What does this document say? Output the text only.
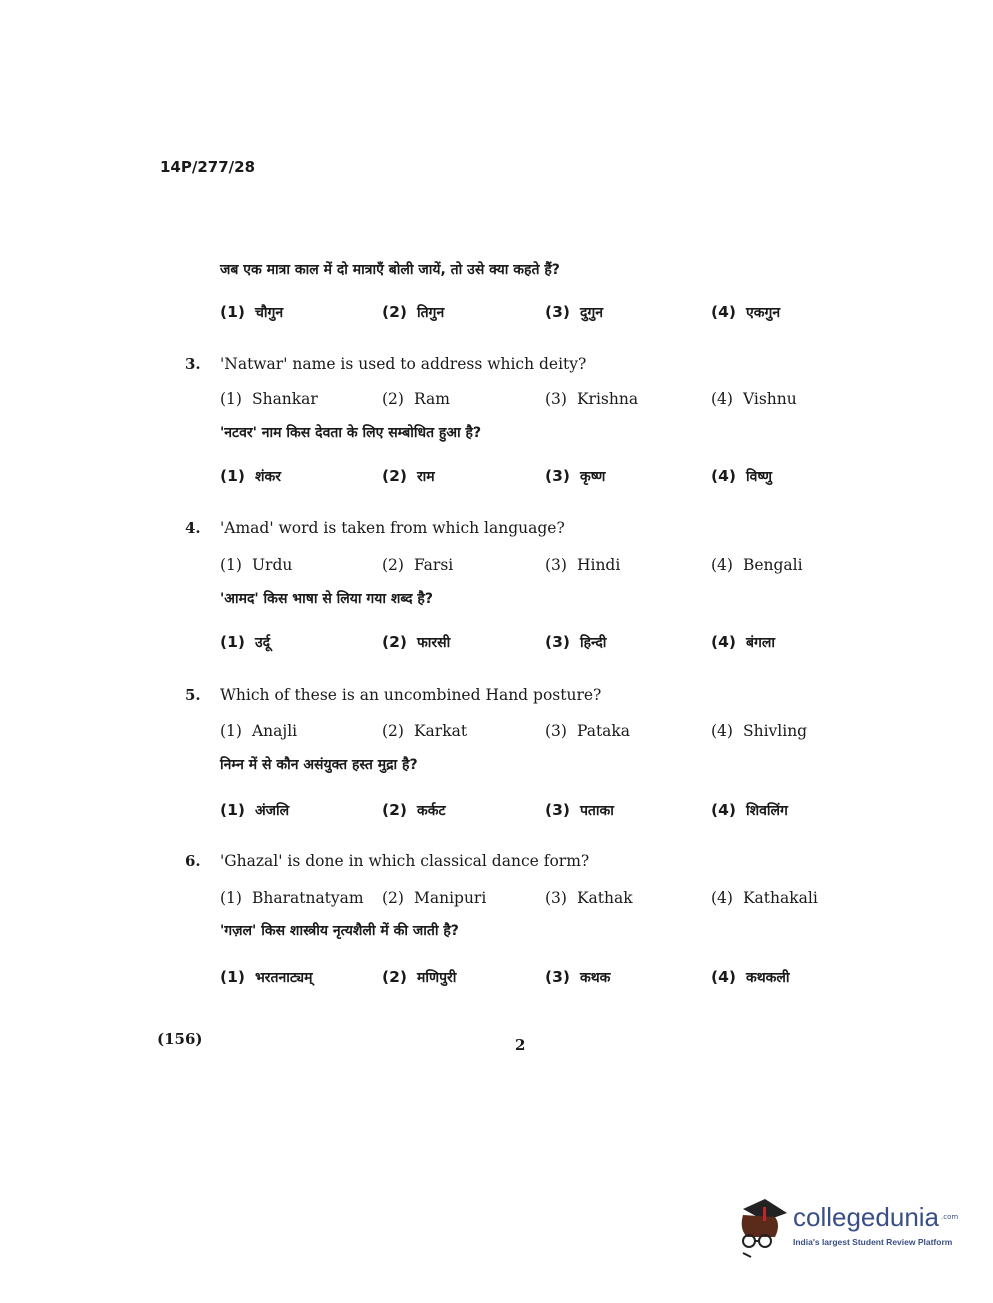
14P/277/28
जब एक मात्रा काल में दो मात्राएँ बोली जायें, तो उसे क्या कहते हैं?
(1) चौगुन	(2) तिगुन	(3) दुगुन	(4) एकगुन
3. 'Natwar' name is used to address which deity?
(1) Shankar	(2) Ram	(3) Krishna	(4) Vishnu
'नटवर' नाम किस देवता के लिए सम्बोधित हुआ है?
(1) शंकर	(2) राम	(3) कृष्ण	(4) विष्णु
4. 'Amad' word is taken from which language?
(1) Urdu	(2) Farsi	(3) Hindi	(4) Bengali
'आमद' किस भाषा से लिया गया शब्द है?
(1) उर्दू	(2) फारसी	(3) हिन्दी	(4) बंगला
5. Which of these is an uncombined Hand posture?
(1) Anajli	(2) Karkat	(3) Pataka	(4) Shivling
निम्न में से कौन असंयुक्त हस्त मुद्रा है?
(1) अंजलि	(2) कर्कट	(3) पताका	(4) शिवलिंग
6. 'Ghazal' is done in which classical dance form?
(1) Bharatnatyam (2) Manipuri	(3) Kathak	(4) Kathakali
'गज़ल' किस शास्त्रीय नृत्यशैली में की जाती है?
(1) भरतनाट्यम्	(2) मणिपुरी	(3) कथक	(4) कथकली
(156)	2
collegedunia .com
India's largest Student Review Platform
